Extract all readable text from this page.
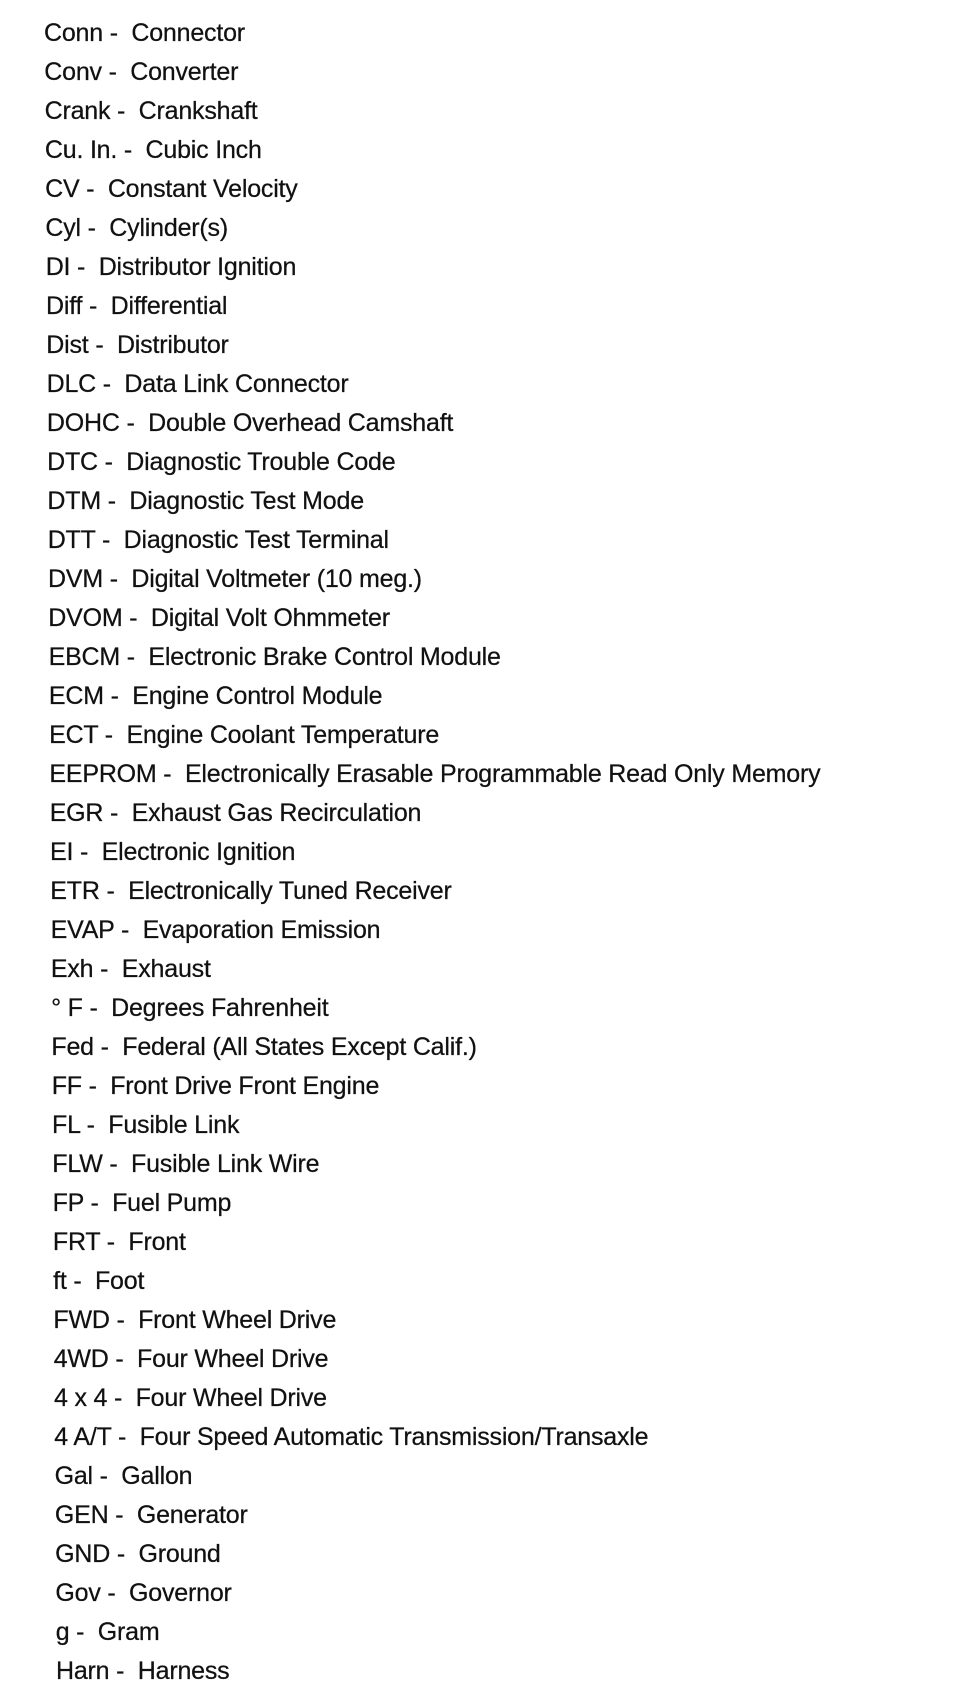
Conn - Connector
Conv - Converter
Crank - Crankshaft
Cu. In. - Cubic Inch
CV - Constant Velocity
Cyl - Cylinder(s)
DI - Distributor Ignition
Diff - Differential
Dist - Distributor
DLC - Data Link Connector
DOHC - Double Overhead Camshaft
DTC - Diagnostic Trouble Code
DTM - Diagnostic Test Mode
DTT - Diagnostic Test Terminal
DVM - Digital Voltmeter (10 meg.)
DVOM - Digital Volt Ohmmeter
EBCM - Electronic Brake Control Module
ECM - Engine Control Module
ECT - Engine Coolant Temperature
EEPROM - Electronically Erasable Programmable Read Only Memory
EGR - Exhaust Gas Recirculation
EI - Electronic Ignition
ETR - Electronically Tuned Receiver
EVAP - Evaporation Emission
Exh - Exhaust
° F - Degrees Fahrenheit
Fed - Federal (All States Except Calif.)
FF - Front Drive Front Engine
FL - Fusible Link
FLW - Fusible Link Wire
FP - Fuel Pump
FRT - Front
ft - Foot
FWD - Front Wheel Drive
4WD - Four Wheel Drive
4 x 4 - Four Wheel Drive
4 A/T - Four Speed Automatic Transmission/Transaxle
Gal - Gallon
GEN - Generator
GND - Ground
Gov - Governor
g - Gram
Harn - Harness
